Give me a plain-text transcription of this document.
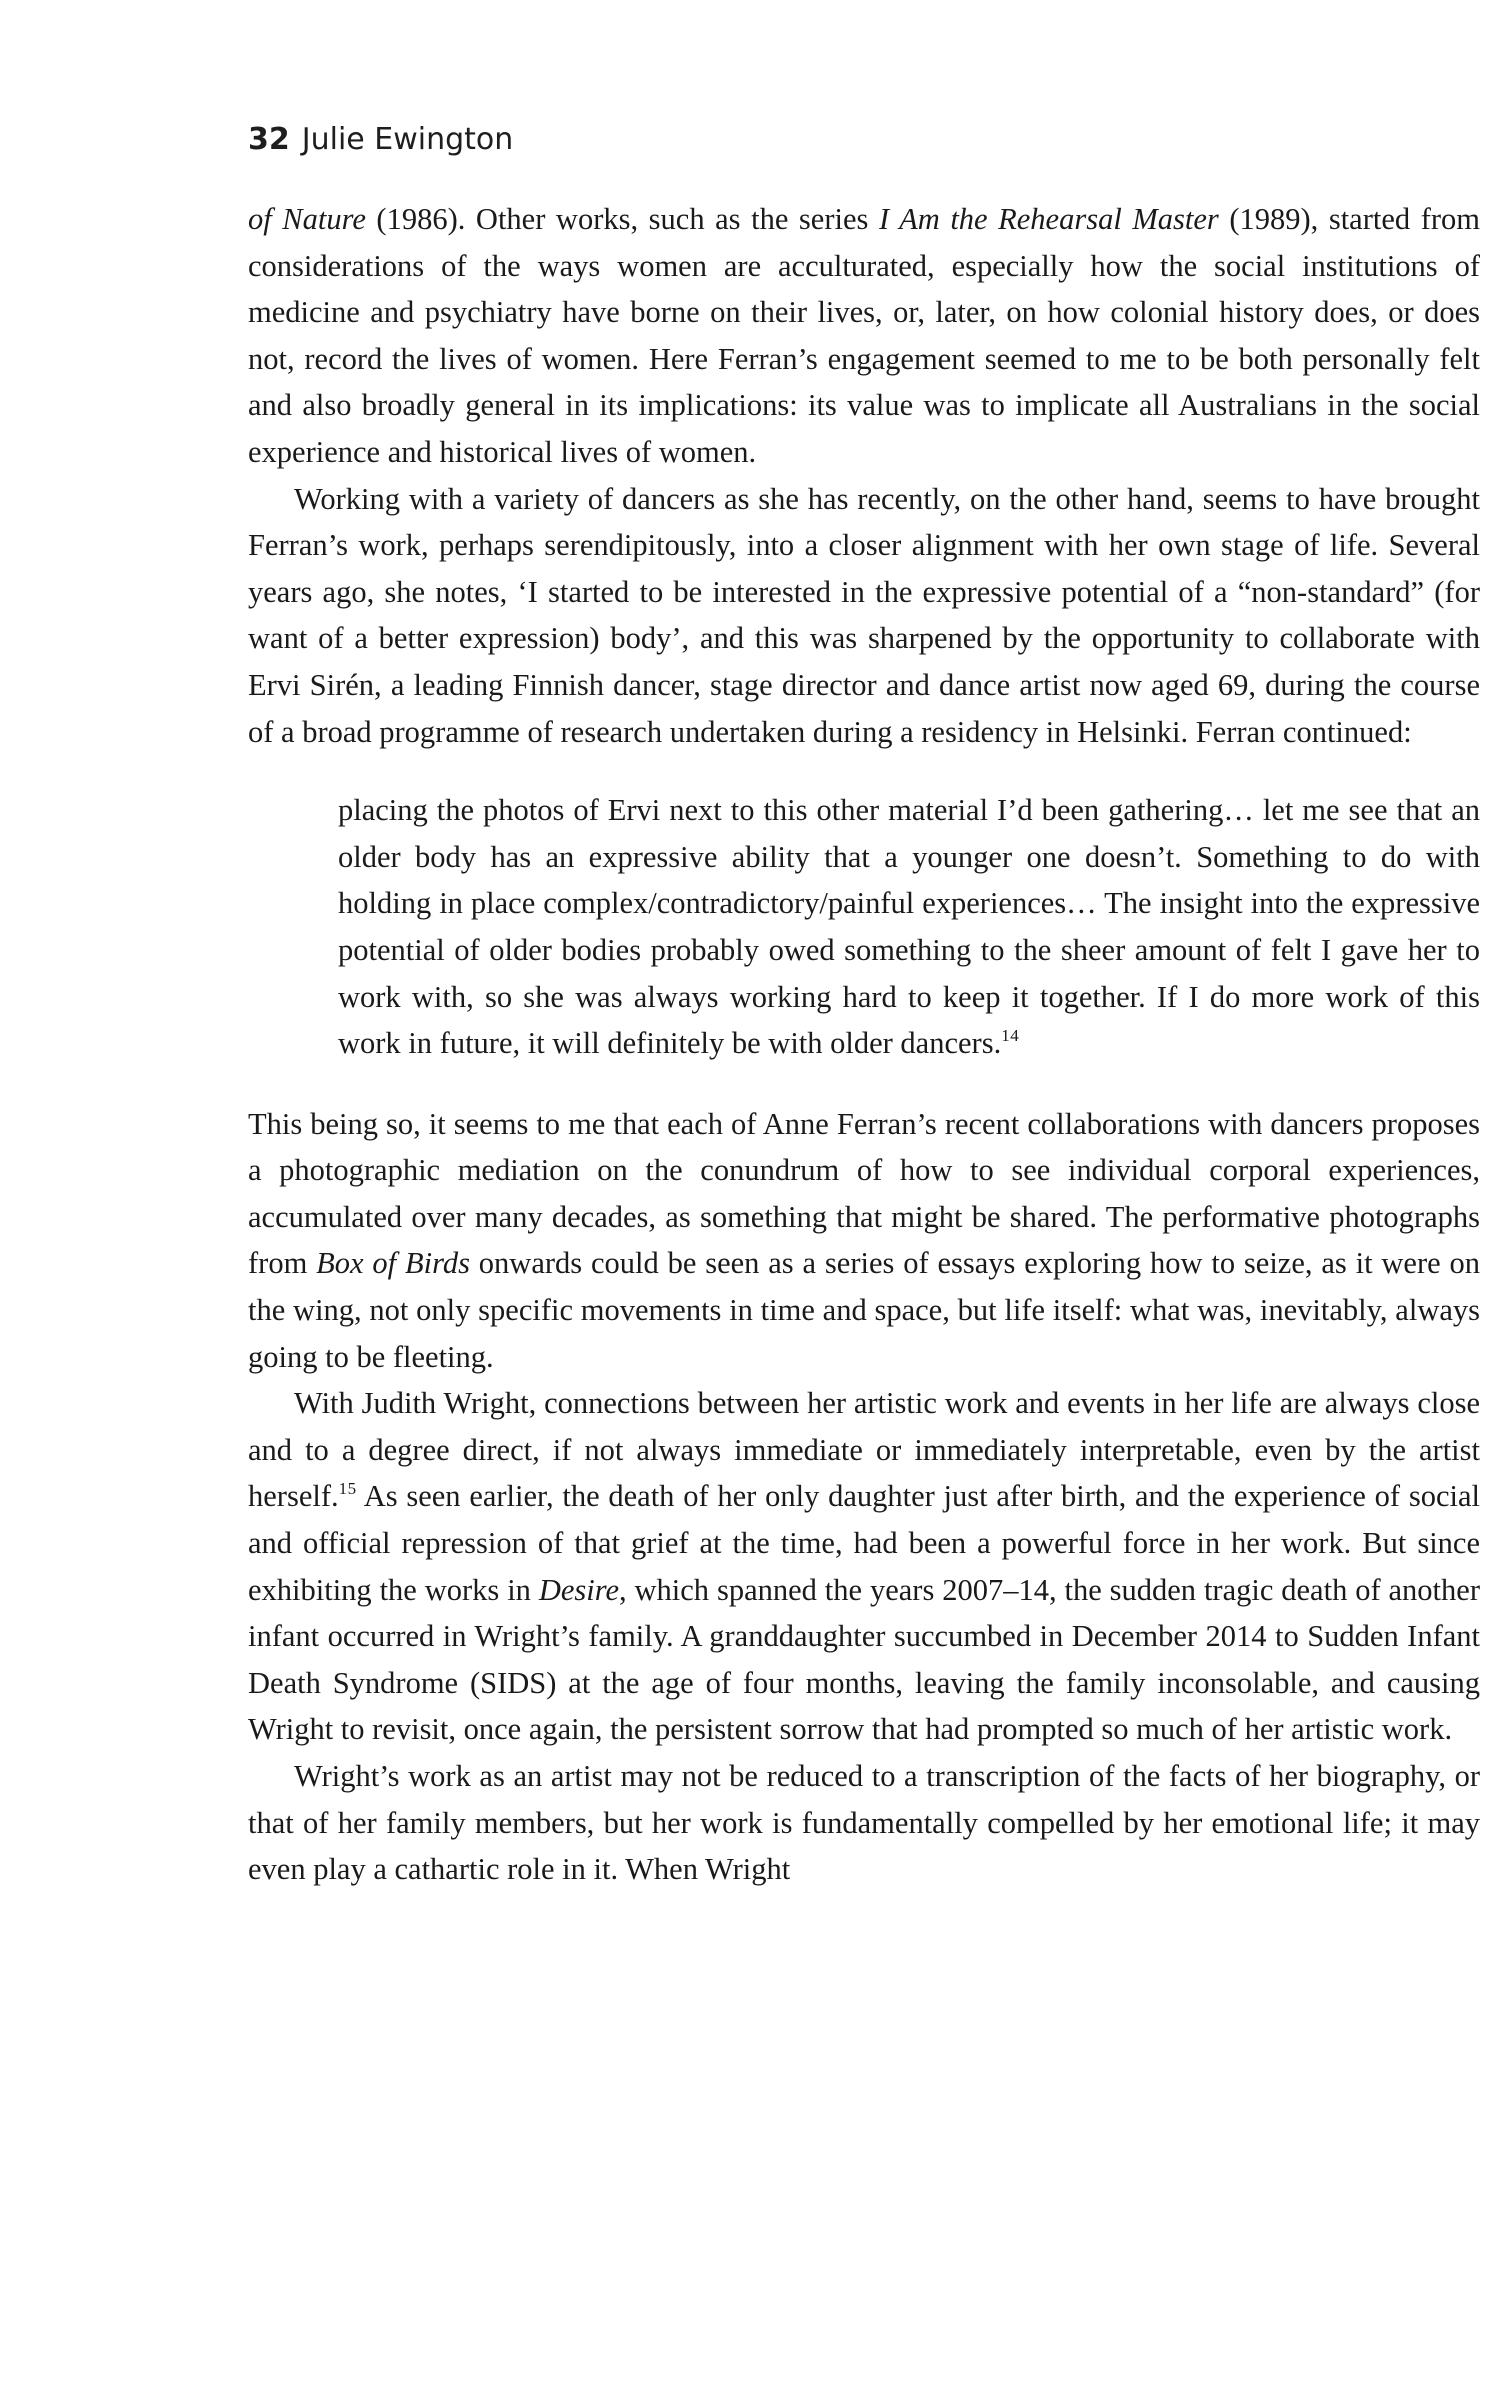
32 Julie Ewington

of Nature (1986). Other works, such as the series I Am the Rehearsal Master (1989), started from considerations of the ways women are acculturated, especially how the social institutions of medicine and psychiatry have borne on their lives, or, later, on how colonial history does, or does not, record the lives of women. Here Ferran’s engagement seemed to me to be both personally felt and also broadly general in its implications: its value was to implicate all Australians in the social experience and historical lives of women.

Working with a variety of dancers as she has recently, on the other hand, seems to have brought Ferran’s work, perhaps serendipitously, into a closer alignment with her own stage of life. Several years ago, she notes, ‘I started to be interested in the expressive potential of a “non-standard” (for want of a better expression) body’, and this was sharpened by the opportunity to collaborate with Ervi Sirén, a leading Finnish dancer, stage director and dance artist now aged 69, during the course of a broad programme of research undertaken during a residency in Helsinki. Ferran continued:

placing the photos of Ervi next to this other material I’d been gathering… let me see that an older body has an expressive ability that a younger one doesn’t. Something to do with holding in place complex/contradictory/​painful experiences… The insight into the expressive potential of older bodies probably owed something to the sheer amount of felt I gave her to work with, so she was always working hard to keep it together. If I do more work of this work in future, it will definitely be with older dancers.$^{14}$

This being so, it seems to me that each of Anne Ferran’s recent collaborations with dancers proposes a photographic mediation on the conundrum of how to see individual corporal experiences, accumulated over many decades, as something that might be shared. The performative photographs from Box of Birds onwards could be seen as a series of essays exploring how to seize, as it were on the wing, not only specific movements in time and space, but life itself: what was, inevitably, always going to be fleeting.

With Judith Wright, connections between her artistic work and events in her life are always close and to a degree direct, if not always immediate or immediately interpretable, even by the artist herself.$^{15}$ As seen earlier, the death of her only daughter just after birth, and the experience of social and official repression of that grief at the time, had been a powerful force in her work. But since exhibiting the works in Desire, which spanned the years 2007–14, the sudden tragic death of another infant occurred in Wright’s family. A granddaughter succumbed in December 2014 to Sudden Infant Death Syndrome (SIDS) at the age of four months, leaving the family inconsolable, and causing Wright to revisit, once again, the persistent sorrow that had prompted so much of her artistic work.

Wright’s work as an artist may not be reduced to a transcription of the facts of her biography, or that of her family members, but her work is fundamentally compelled by her emotional life; it may even play a cathartic role in it. When Wright
